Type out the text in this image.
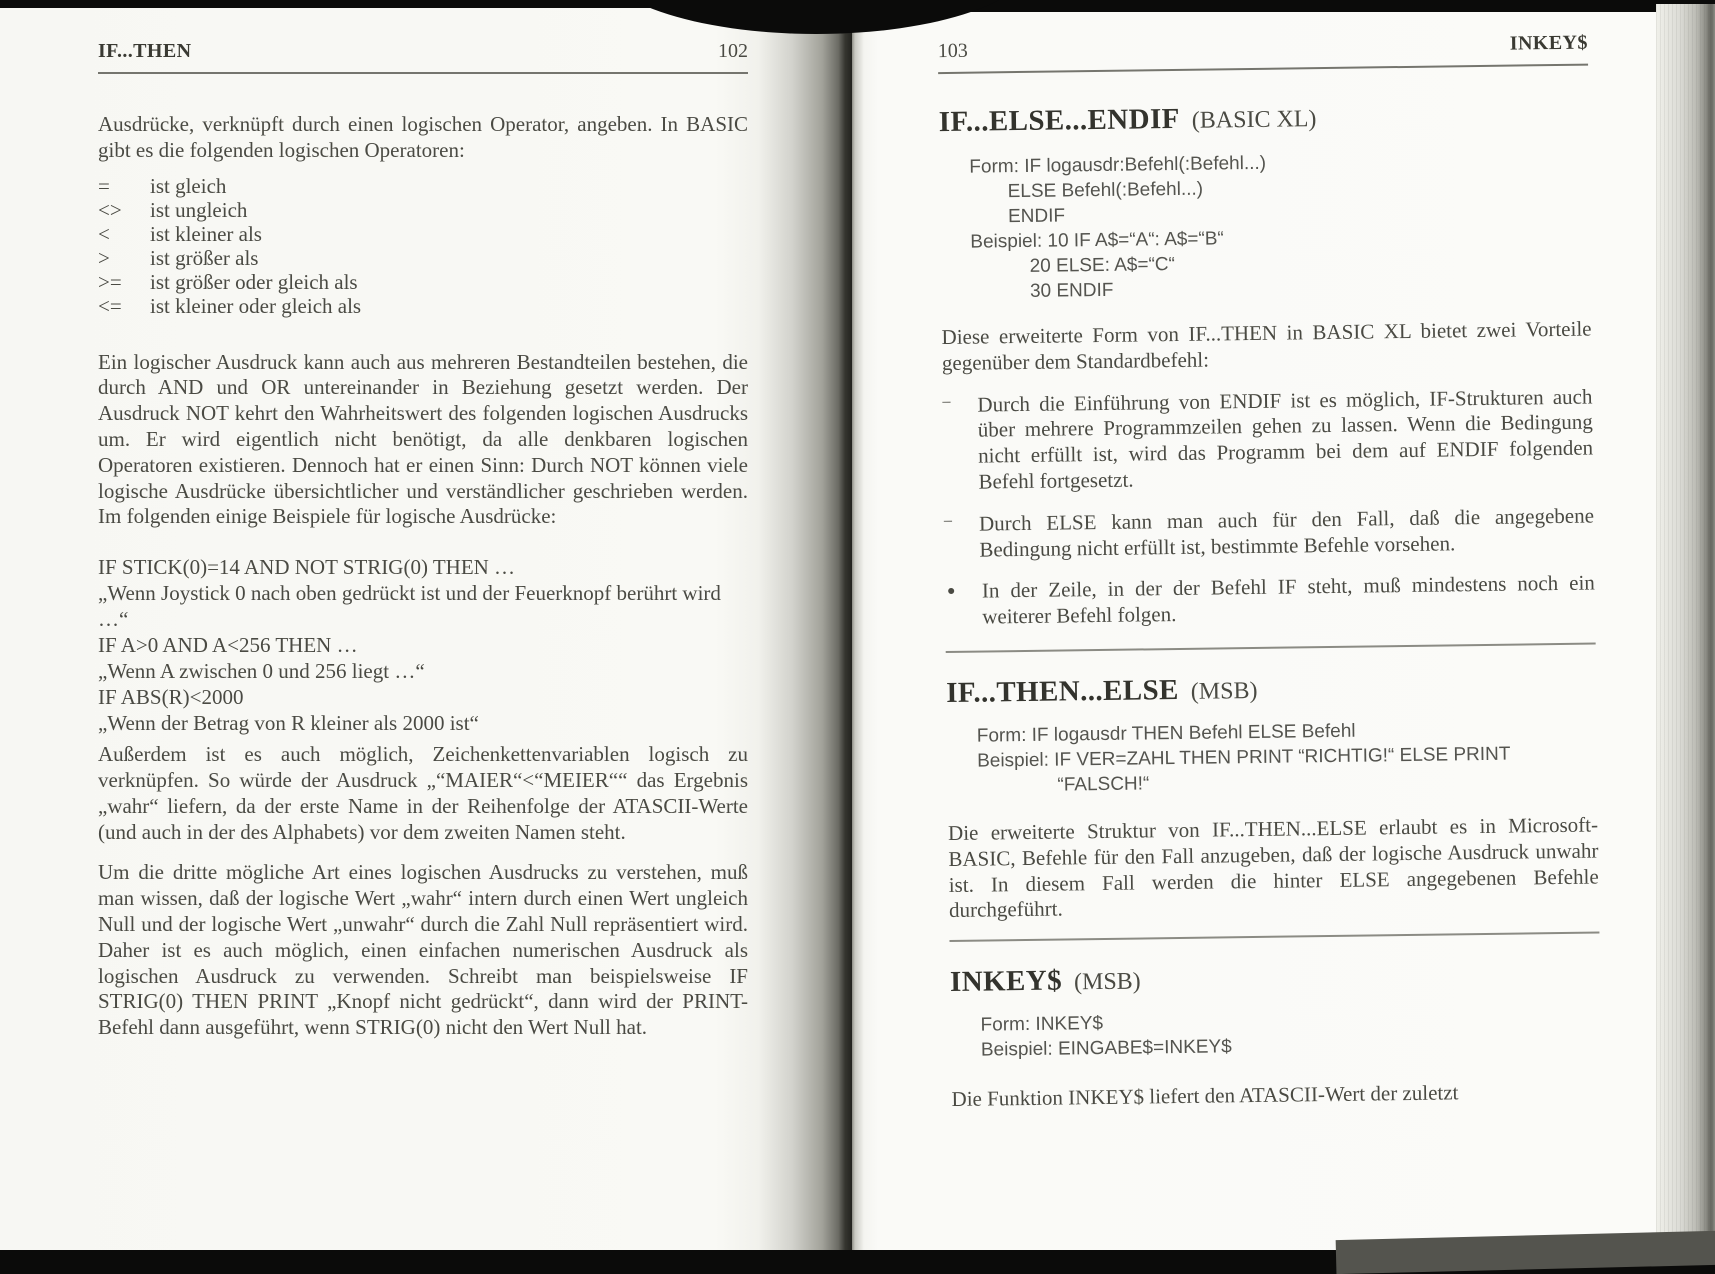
IF...THEN	102
Ausdrücke, verknüpft durch einen logischen Operator, angeben. In BASIC gibt es die folgenden logischen Operatoren:
=	ist gleich
<>	ist ungleich
<	ist kleiner als
>	ist größer als
>=	ist größer oder gleich als
<=	ist kleiner oder gleich als
Ein logischer Ausdruck kann auch aus mehreren Bestandteilen bestehen, die durch AND und OR untereinander in Beziehung gesetzt werden. Der Ausdruck NOT kehrt den Wahrheitswert des folgenden logischen Ausdrucks um. Er wird eigentlich nicht benötigt, da alle denkbaren logischen Operatoren existieren. Dennoch hat er einen Sinn: Durch NOT können viele logische Ausdrücke übersichtlicher und verständlicher geschrieben werden. Im folgenden einige Beispiele für logische Ausdrücke:
IF STICK(0)=14 AND NOT STRIG(0) THEN …
„Wenn Joystick 0 nach oben gedrückt ist und der Feuerknopf berührt wird …“
IF A>0 AND A<256 THEN …
„Wenn A zwischen 0 und 256 liegt …“
IF ABS(R)<2000
„Wenn der Betrag von R kleiner als 2000 ist“
Außerdem ist es auch möglich, Zeichenkettenvariablen logisch zu verknüpfen. So würde der Ausdruck „“MAIER“<“MEIER““ das Ergebnis „wahr“ liefern, da der erste Name in der Reihenfolge der ATASCII-Werte (und auch in der des Alphabets) vor dem zweiten Namen steht.
Um die dritte mögliche Art eines logischen Ausdrucks zu verstehen, muß man wissen, daß der logische Wert „wahr“ intern durch einen Wert ungleich Null und der logische Wert „unwahr“ durch die Zahl Null repräsentiert wird. Daher ist es auch möglich, einen einfachen numerischen Ausdruck als logischen Ausdruck zu verwenden. Schreibt man beispielsweise IF STRIG(0) THEN PRINT „Knopf nicht gedrückt“, dann wird der PRINT-Befehl dann ausgeführt, wenn STRIG(0) nicht den Wert Null hat.
103	INKEY$
IF...ELSE...ENDIF (BASIC XL)
Form: IF logausdr:Befehl(:Befehl...)
ELSE Befehl(:Befehl...)
ENDIF
Beispiel: 10 IF A$=“A“: A$=“B“
20 ELSE: A$=“C“
30 ENDIF
Diese erweiterte Form von IF...THEN in BASIC XL bietet zwei Vorteile gegenüber dem Standardbefehl:
–	Durch die Einführung von ENDIF ist es möglich, IF-Strukturen auch über mehrere Programmzeilen gehen zu lassen. Wenn die Bedingung nicht erfüllt ist, wird das Programm bei dem auf ENDIF folgenden Befehl fortgesetzt.
–	Durch ELSE kann man auch für den Fall, daß die angegebene Bedingung nicht erfüllt ist, bestimmte Befehle vorsehen.
●	In der Zeile, in der der Befehl IF steht, muß mindestens noch ein weiterer Befehl folgen.
IF...THEN...ELSE (MSB)
Form: IF logausdr THEN Befehl ELSE Befehl
Beispiel: IF VER=ZAHL THEN PRINT “RICHTIG!“ ELSE PRINT
“FALSCH!“
Die erweiterte Struktur von IF...THEN...ELSE erlaubt es in Microsoft-BASIC, Befehle für den Fall anzugeben, daß der logische Ausdruck unwahr ist. In diesem Fall werden die hinter ELSE angegebenen Befehle durchgeführt.
INKEY$ (MSB)
Form: INKEY$
Beispiel: EINGABE$=INKEY$
Die Funktion INKEY$ liefert den ATASCII-Wert der zuletzt
